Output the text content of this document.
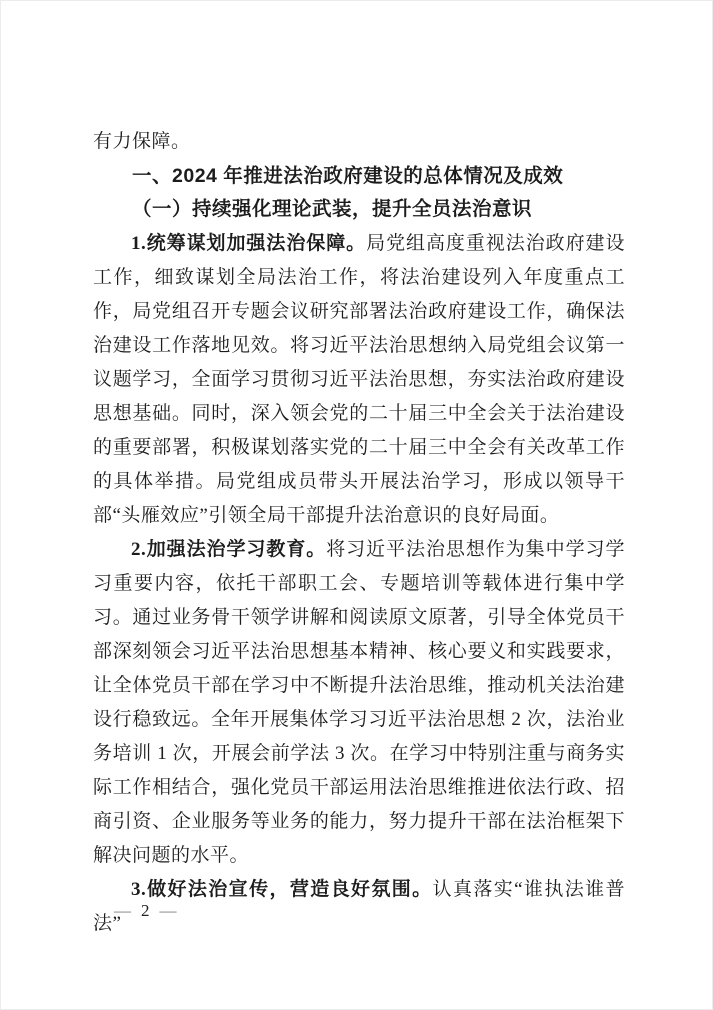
有力保障。

一、2024 年推进法治政府建设的总体情况及成效
（一）持续强化理论武装，提升全员法治意识

1.统筹谋划加强法治保障。局党组高度重视法治政府建设工作，细致谋划全局法治工作，将法治建设列入年度重点工作，局党组召开专题会议研究部署法治政府建设工作，确保法治建设工作落地见效。将习近平法治思想纳入局党组会议第一议题学习，全面学习贯彻习近平法治思想，夯实法治政府建设思想基础。同时，深入领会党的二十届三中全会关于法治建设的重要部署，积极谋划落实党的二十届三中全会有关改革工作的具体举措。局党组成员带头开展法治学习，形成以领导干部“头雁效应”引领全局干部提升法治意识的良好局面。

2.加强法治学习教育。将习近平法治思想作为集中学习学习重要内容，依托干部职工会、专题培训等载体进行集中学习。通过业务骨干领学讲解和阅读原文原著，引导全体党员干部深刻领会习近平法治思想基本精神、核心要义和实践要求，让全体党员干部在学习中不断提升法治思维，推动机关法治建设行稳致远。全年开展集体学习习近平法治思想 2 次，法治业务培训 1 次，开展会前学法 3 次。在学习中特别注重与商务实际工作相结合，强化党员干部运用法治思维推进依法行政、招商引资、企业服务等业务的能力，努力提升干部在法治框架下解决问题的水平。

3.做好法治宣传，营造良好氛围。认真落实“谁执法谁普法”

— 2 —
